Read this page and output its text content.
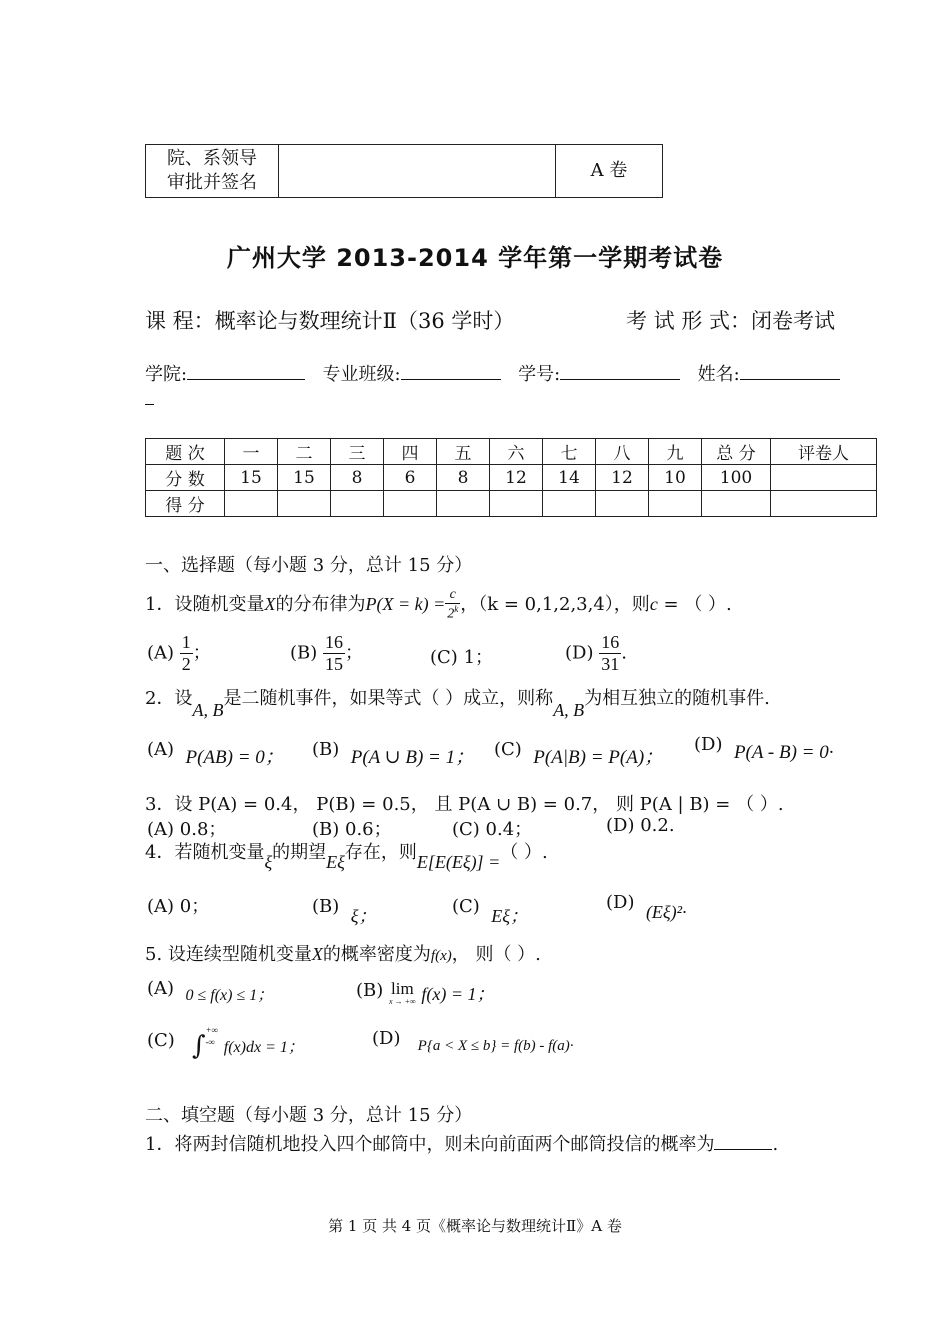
院、系领导
审批并签名
		A 卷
广州大学 2013-2014 学年第一学期考试卷
课 程：概率论与数理统计Ⅱ（36 学时）	考 试 形 式：闭卷考试
学院:	专业班级:	学号:	姓名:
题 次	一	二	三	四	五	六	七	八	九	总 分	评卷人
分 数	15	15	8	6	8	12	14	12	10	100	
得 分											
一、选择题（每小题 3 分，总计 15 分）
1．设随机变量X的分布律为$P(X = k) = \frac{c}{2^k}$ ，（k = 0,1,2,3,4），则c = （ ）.
$(A) \frac{1}{2}$ ；	$(B) \frac{16}{15}$ ；	(C) 1；	$(D) \frac{16}{31}$ .
2．设A, B是二随机事件，如果等式（ ）成立，则称A, B为相互独立的随机事件.
(A) P(AB) = 0； (B) P(A ∪ B) = 1； (C) P(A|B) = P(A)；
(D) P(A - B) = 0·
3．设 P(A) = 0.4， P(B) = 0.5， 且 P(A ∪ B) = 0.7， 则 P(A | B) = （ ）.
(A) 0.8；	(B) 0.6；	(C) 0.4；	(D) 0.2.
4．若随机变量ξ的期望Eξ存在，则E[E(Eξ)] =（ ）.
(A) 0；	(B) ξ；	(C) Eξ；
(D) (Eξ)²·
5. 设连续型随机变量X的概率密度为f(x)， 则（ ）.
(A) 0 ≤ f(x) ≤ 1；	(B) lim
x → +∞ f(x) = 1；
(C) ∫
+∞
-∞ f(x)dx = 1；	(D) $_{P\{a < X \le b\} = f(b) - f(a)\cdot}$
二、填空题（每小题 3 分，总计 15 分）
1．将两封信随机地投入四个邮筒中，则未向前面两个邮筒投信的概率为	.
第 1 页 共 4 页《概率论与数理统计Ⅱ》A 卷
